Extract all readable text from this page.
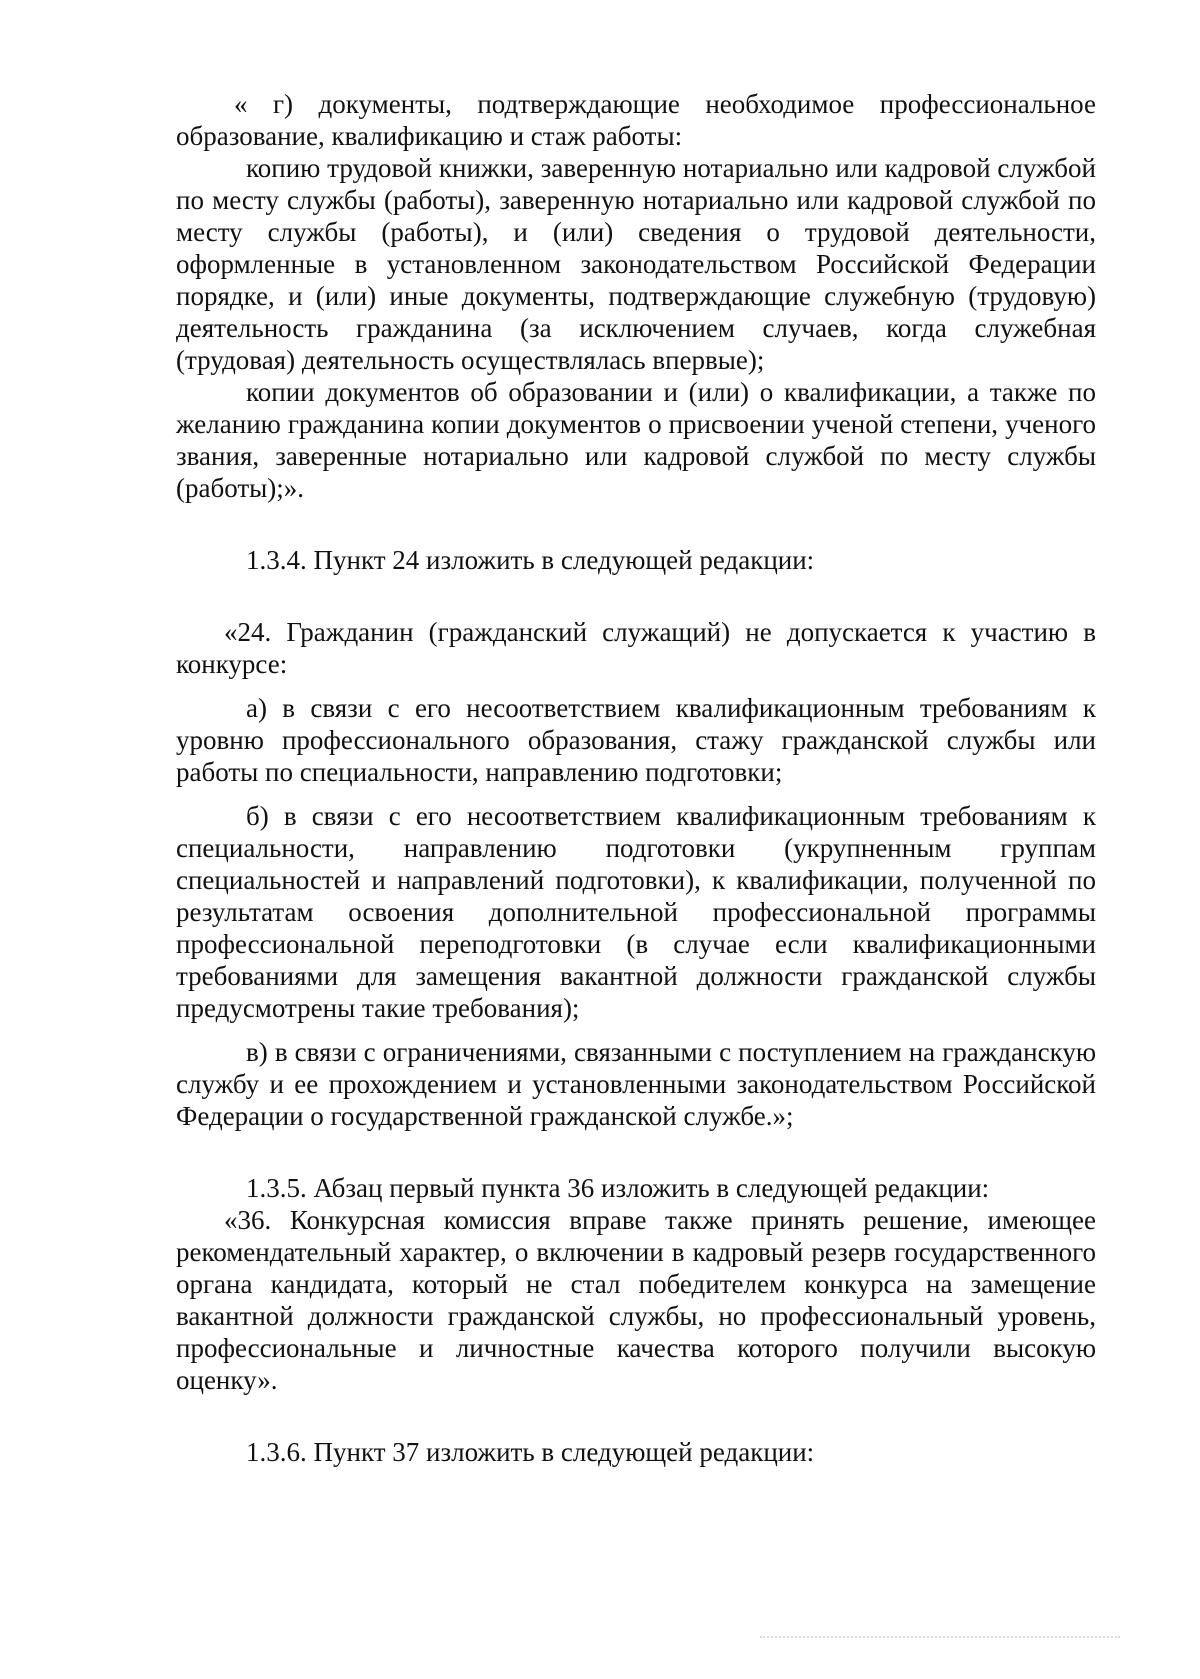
« г) документы, подтверждающие необходимое профессиональное образование, квалификацию и стаж работы:

копию трудовой книжки, заверенную нотариально или кадровой службой по месту службы (работы), заверенную нотариально или кадровой службой по месту службы (работы), и (или) сведения о трудовой деятельности, оформленные в установленном законодательством Российской Федерации порядке, и (или) иные документы, подтверждающие служебную (трудовую) деятельность гражданина (за исключением случаев, когда служебная (трудовая) деятельность осуществлялась впервые);

копии документов об образовании и (или) о квалификации, а также по желанию гражданина копии документов о присвоении ученой степени, ученого звания, заверенные нотариально или кадровой службой по месту службы (работы);».

1.3.4. Пункт 24 изложить в следующей редакции:

«24. Гражданин (гражданский служащий) не допускается к участию в конкурсе:

а) в связи с его несоответствием квалификационным требованиям к уровню профессионального образования, стажу гражданской службы или работы по специальности, направлению подготовки;

б) в связи с его несоответствием квалификационным требованиям к специальности, направлению подготовки (укрупненным группам специальностей и направлений подготовки), к квалификации, полученной по результатам освоения дополнительной профессиональной программы профессиональной переподготовки (в случае если квалификационными требованиями для замещения вакантной должности гражданской службы предусмотрены такие требования);

в) в связи с ограничениями, связанными с поступлением на гражданскую службу и ее прохождением и установленными законодательством Российской Федерации о государственной гражданской службе.»;

1.3.5. Абзац первый пункта 36 изложить в следующей редакции:

«36. Конкурсная комиссия вправе также принять решение, имеющее рекомендательный характер, о включении в кадровый резерв государственного органа кандидата, который не стал победителем конкурса на замещение вакантной должности гражданской службы, но профессиональный уровень, профессиональные и личностные качества которого получили высокую оценку».

1.3.6. Пункт 37 изложить в следующей редакции:
